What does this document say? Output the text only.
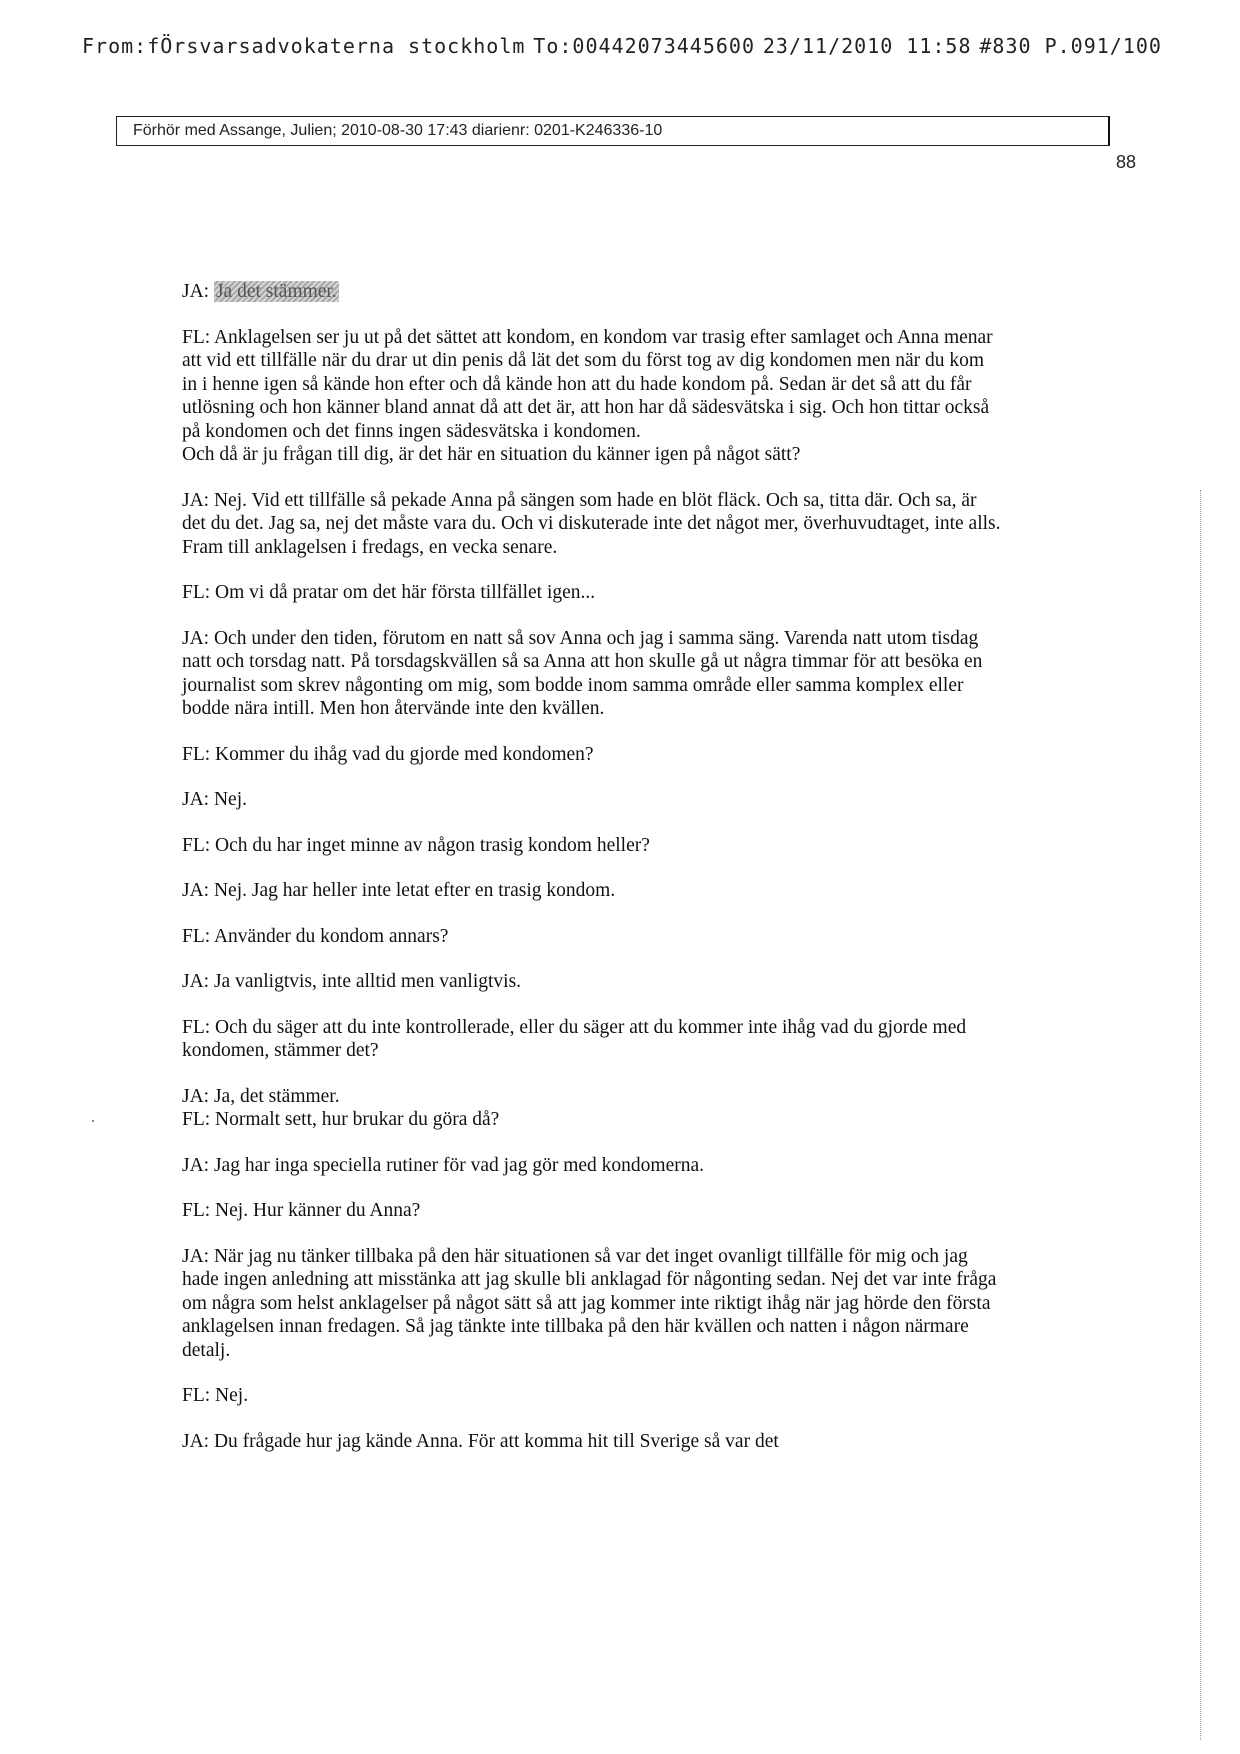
From:fÖrsvarsadvokaterna stockholm To:00442073445600 23/11/2010 11:58 #830 P.091/100
Förhör med Assange, Julien; 2010-08-30 17:43 diarienr: 0201-K246336-10
88

JA: Ja det stämmer.

FL: Anklagelsen ser ju ut på det sättet att kondom, en kondom var trasig efter samlaget och Anna menar att vid ett tillfälle när du drar ut din penis då lät det som du först tog av dig kondomen men när du kom in i henne igen så kände hon efter och då kände hon att du hade kondom på. Sedan är det så att du får utlösning och hon känner bland annat då att det är, att hon har då sädesvätska i sig. Och hon tittar också på kondomen och det finns ingen sädesvätska i kondomen.

Och då är ju frågan till dig, är det här en situation du känner igen på något sätt?

JA: Nej. Vid ett tillfälle så pekade Anna på sängen som hade en blöt fläck. Och sa, titta där. Och sa, är det du det. Jag sa, nej det måste vara du. Och vi diskuterade inte det något mer, överhuvudtaget, inte alls. Fram till anklagelsen i fredags, en vecka senare.

FL: Om vi då pratar om det här första tillfället igen...

JA: Och under den tiden, förutom en natt så sov Anna och jag i samma säng. Varenda natt utom tisdag natt och torsdag natt. På torsdagskvällen så sa Anna att hon skulle gå ut några timmar för att besöka en journalist som skrev någonting om mig, som bodde inom samma område eller samma komplex eller bodde nära intill. Men hon återvände inte den kvällen.

FL: Kommer du ihåg vad du gjorde med kondomen?

JA: Nej.

FL: Och du har inget minne av någon trasig kondom heller?

JA: Nej. Jag har heller inte letat efter en trasig kondom.

FL: Använder du kondom annars?

JA: Ja vanligtvis, inte alltid men vanligtvis.

FL: Och du säger att du inte kontrollerade, eller du säger att du kommer inte ihåg vad du gjorde med kondomen, stämmer det?

JA: Ja, det stämmer.

FL: Normalt sett, hur brukar du göra då?

JA: Jag har inga speciella rutiner för vad jag gör med kondomerna.

FL: Nej. Hur känner du Anna?

JA: När jag nu tänker tillbaka på den här situationen så var det inget ovanligt tillfälle för mig och jag hade ingen anledning att misstänka att jag skulle bli anklagad för någonting sedan. Nej det var inte fråga om några som helst anklagelser på något sätt så att jag kommer inte riktigt ihåg när jag hörde den första anklagelsen innan fredagen. Så jag tänkte inte tillbaka på den här kvällen och natten i någon närmare detalj.

FL: Nej.

JA: Du frågade hur jag kände Anna. För att komma hit till Sverige så var det
